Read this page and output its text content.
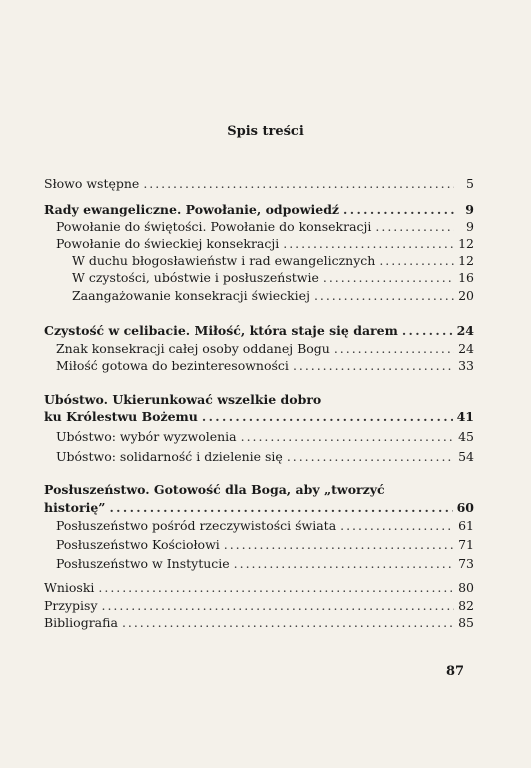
Spis treści
Słowo wstępne . . .	5
Rady ewangeliczne. Powołanie, odpowiedź . . .	9
Powołanie do świętości. Powołanie do konsekracji . . .	9
Powołanie do świeckiej konsekracji . . .	12
W duchu błogosławieństw i rad ewangelicznych . . .	12
W czystości, ubóstwie i posłuszeństwie . . .	16
Zaangażowanie konsekracji świeckiej . . .	20
Czystość w celibacie. Miłość, która staje się darem . . .	24
Znak konsekracji całej osoby oddanej Bogu . . .	24
Miłość gotowa do bezinteresowności . . .	33
Ubóstwo. Ukierunkować wszelkie dobro
ku Królestwu Bożemu . . .	41
Ubóstwo: wybór wyzwolenia . . .	45
Ubóstwo: solidarność i dzielenie się . . .	54
Posłuszeństwo. Gotowość dla Boga, aby „tworzyć
historię” . . .	60
Posłuszeństwo pośród rzeczywistości świata . . .	61
Posłuszeństwo Kościołowi . . .	71
Posłuszeństwo w Instytucie . . .	73
Wnioski . . .	80
Przypisy . . .	82
Bibliografia . . .	85
87
